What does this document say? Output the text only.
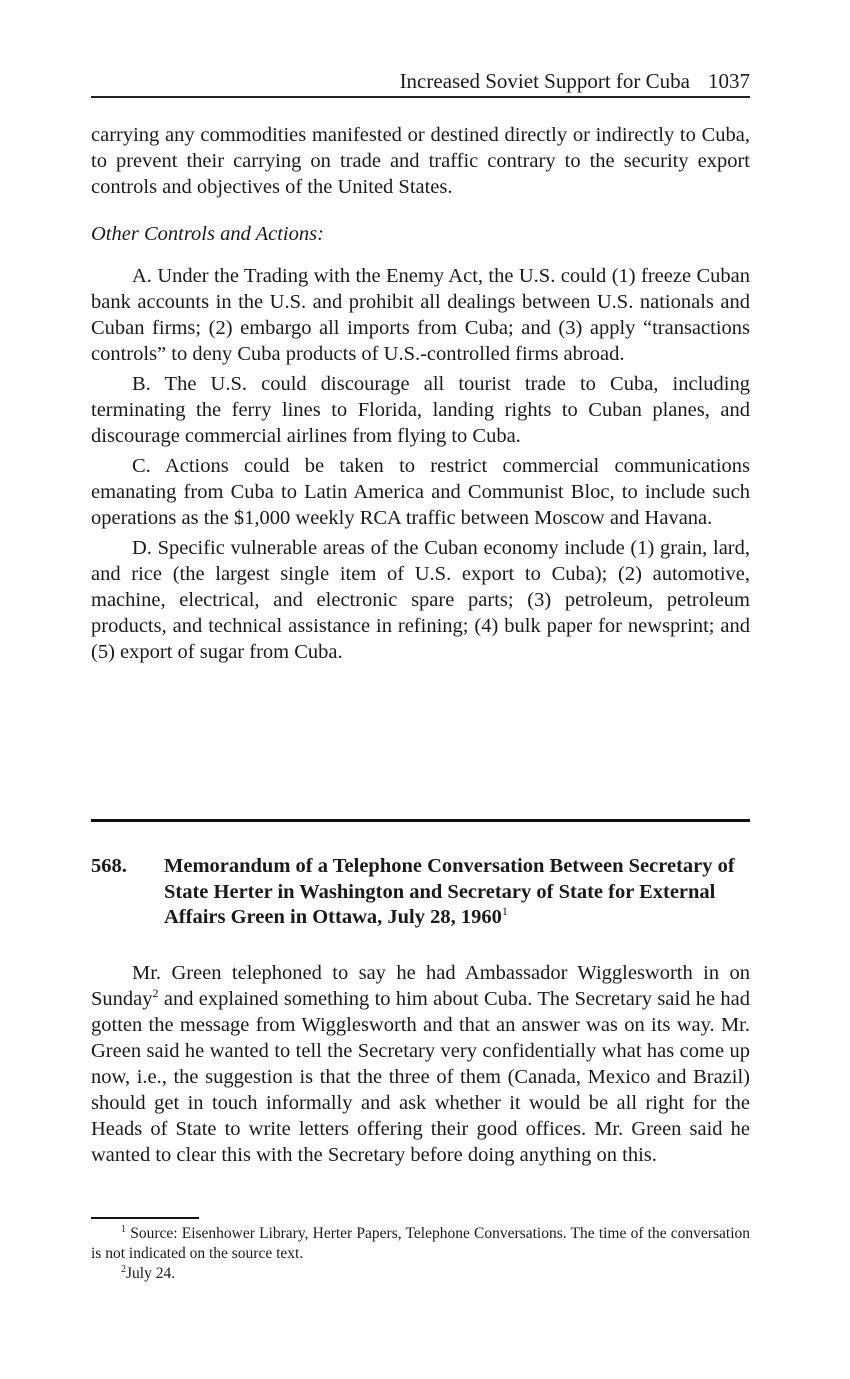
Increased Soviet Support for Cuba 1037

carrying any commodities manifested or destined directly or indirectly to Cuba, to prevent their carrying on trade and traffic contrary to the security export controls and objectives of the United States.

Other Controls and Actions:

A. Under the Trading with the Enemy Act, the U.S. could (1) freeze Cuban bank accounts in the U.S. and prohibit all dealings between U.S. nationals and Cuban firms; (2) embargo all imports from Cuba; and (3) apply “transactions controls” to deny Cuba products of U.S.-controlled firms abroad.

B. The U.S. could discourage all tourist trade to Cuba, including terminating the ferry lines to Florida, landing rights to Cuban planes, and discourage commercial airlines from flying to Cuba.

C. Actions could be taken to restrict commercial communications emanating from Cuba to Latin America and Communist Bloc, to include such operations as the $1,000 weekly RCA traffic between Moscow and Havana.

D. Specific vulnerable areas of the Cuban economy include (1) grain, lard, and rice (the largest single item of U.S. export to Cuba); (2) automotive, machine, electrical, and electronic spare parts; (3) petroleum, petroleum products, and technical assistance in refining; (4) bulk paper for newsprint; and (5) export of sugar from Cuba.

568.	Memorandum of a Telephone Conversation Between Secretary of State Herter in Washington and Secretary of State for External Affairs Green in Ottawa, July 28, 1960$^1$

Mr. Green telephoned to say he had Ambassador Wigglesworth in on Sunday$^2$ and explained something to him about Cuba. The Secretary said he had gotten the message from Wigglesworth and that an answer was on its way. Mr. Green said he wanted to tell the Secretary very confidentially what has come up now, i.e., the suggestion is that the three of them (Canada, Mexico and Brazil) should get in touch informally and ask whether it would be all right for the Heads of State to write letters offering their good offices. Mr. Green said he wanted to clear this with the Secretary before doing anything on this.

$^1$ Source: Eisenhower Library, Herter Papers, Telephone Conversations. The time of the conversation is not indicated on the source text.

$^2$July 24.
